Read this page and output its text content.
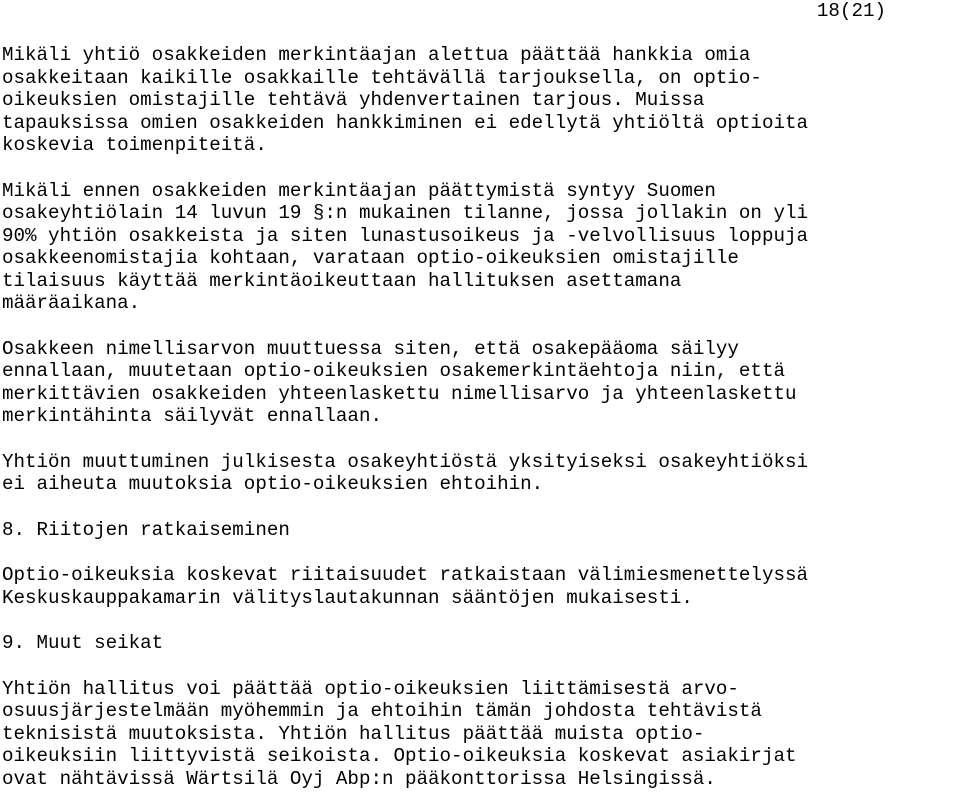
18(21)
Mikäli yhtiö osakkeiden merkintäajan alettua päättää hankkia omia
osakkeitaan kaikille osakkaille tehtävällä tarjouksella, on optio-
oikeuksien omistajille tehtävä yhdenvertainen tarjous. Muissa
tapauksissa omien osakkeiden hankkiminen ei edellytä yhtiöltä optioita
koskevia toimenpiteitä.
Mikäli ennen osakkeiden merkintäajan päättymistä syntyy Suomen
osakeyhtiölain 14 luvun 19 §:n mukainen tilanne, jossa jollakin on yli
90% yhtiön osakkeista ja siten lunastusoikeus ja -velvollisuus loppuja
osakkeenomistajia kohtaan, varataan optio-oikeuksien omistajille
tilaisuus käyttää merkintäoikeuttaan hallituksen asettamana
määräaikana.
Osakkeen nimellisarvon muuttuessa siten, että osakepääoma säilyy
ennallaan, muutetaan optio-oikeuksien osakemerkintäehtoja niin, että
merkittävien osakkeiden yhteenlaskettu nimellisarvo ja yhteenlaskettu
merkintähinta säilyvät ennallaan.
Yhtiön muuttuminen julkisesta osakeyhtiöstä yksityiseksi osakeyhtiöksi
ei aiheuta muutoksia optio-oikeuksien ehtoihin.
8. Riitojen ratkaiseminen
Optio-oikeuksia koskevat riitaisuudet ratkaistaan välimiesmenettelyssä
Keskuskauppakamarin välityslautakunnan sääntöjen mukaisesti.
9. Muut seikat
Yhtiön hallitus voi päättää optio-oikeuksien liittämisestä arvo-
osuusjärjestelmään myöhemmin ja ehtoihin tämän johdosta tehtävistä
teknisistä muutoksista. Yhtiön hallitus päättää muista optio-
oikeuksiin liittyvistä seikoista. Optio-oikeuksia koskevat asiakirjat
ovat nähtävissä Wärtsilä Oyj Abp:n pääkonttorissa Helsingissä.
